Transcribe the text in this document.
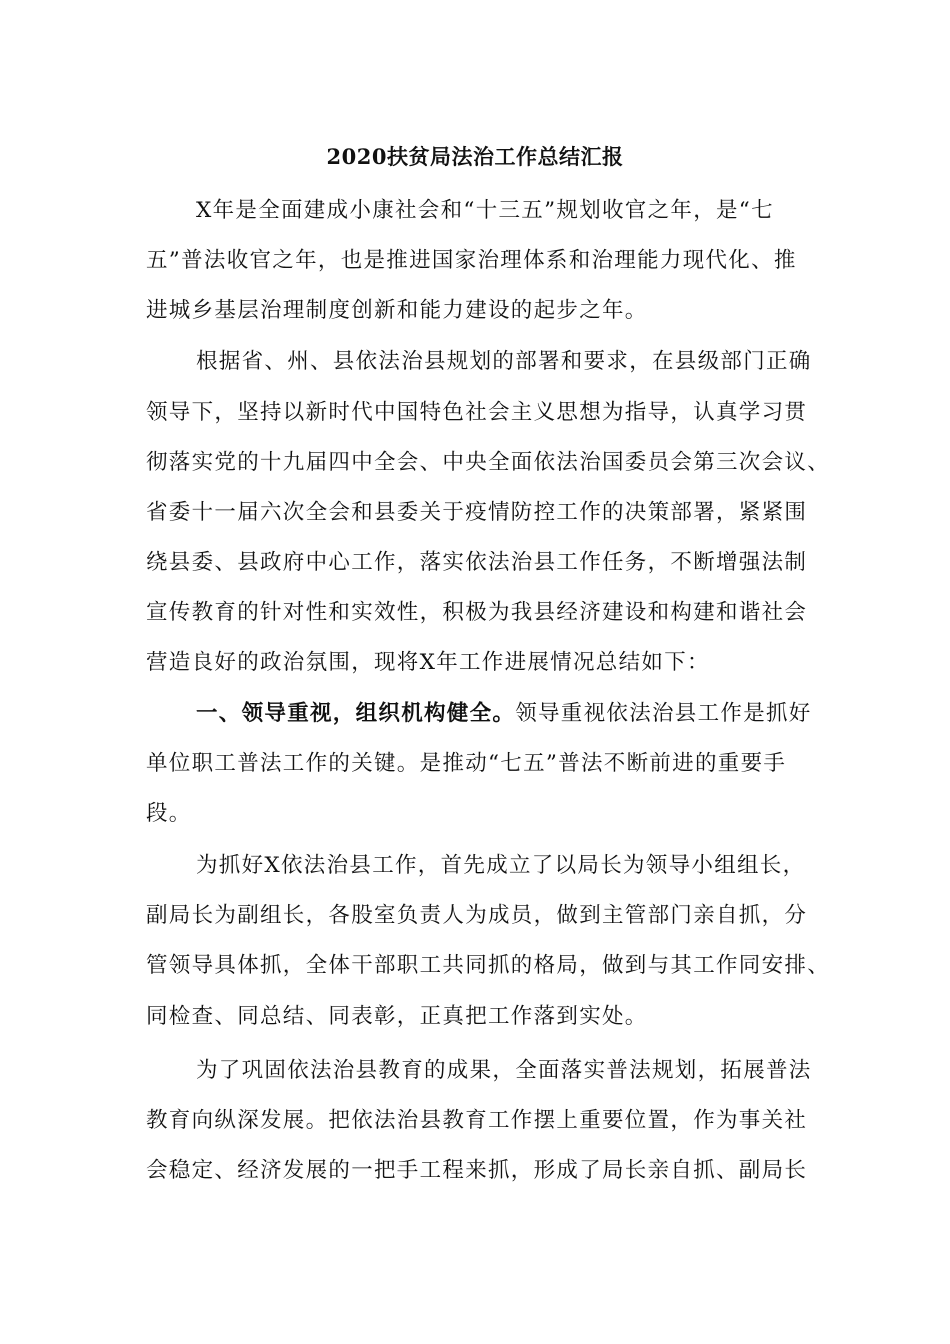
2020扶贫局法治工作总结汇报
X年是全面建成小康社会和“十三五”规划收官之年，是“七
五”普法收官之年，也是推进国家治理体系和治理能力现代化、推
进城乡基层治理制度创新和能力建设的起步之年。
根据省、州、县依法治县规划的部署和要求，在县级部门正确
领导下，坚持以新时代中国特色社会主义思想为指导，认真学习贯
彻落实党的十九届四中全会、中央全面依法治国委员会第三次会议、
省委十一届六次全会和县委关于疫情防控工作的决策部署，紧紧围
绕县委、县政府中心工作，落实依法治县工作任务，不断增强法制
宣传教育的针对性和实效性，积极为我县经济建设和构建和谐社会
营造良好的政治氛围，现将X年工作进展情况总结如下：
一、领导重视，组织机构健全。领导重视依法治县工作是抓好
单位职工普法工作的关键。是推动“七五”普法不断前进的重要手
段。
为抓好X依法治县工作，首先成立了以局长为领导小组组长，
副局长为副组长，各股室负责人为成员，做到主管部门亲自抓，分
管领导具体抓，全体干部职工共同抓的格局，做到与其工作同安排、
同检查、同总结、同表彰，正真把工作落到实处。
为了巩固依法治县教育的成果，全面落实普法规划，拓展普法
教育向纵深发展。把依法治县教育工作摆上重要位置，作为事关社
会稳定、经济发展的一把手工程来抓，形成了局长亲自抓、副局长
